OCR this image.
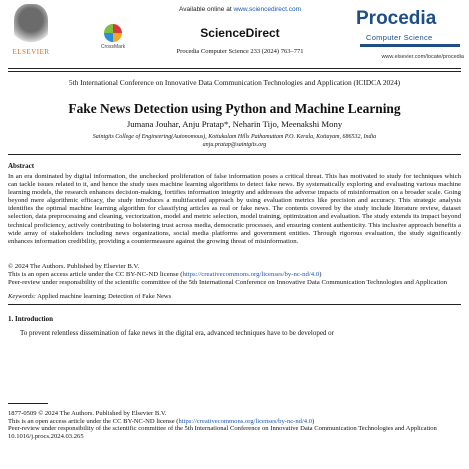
ELSEVIER
CrossMark
Available online at www.sciencedirect.com
ScienceDirect
Procedia Computer Science 233 (2024) 763–771
Procedia
Computer Science
www.elsevier.com/locate/procedia
5th International Conference on Innovative Data Communication Technologies and Application (ICIDCA 2024)
Fake News Detection using Python and Machine Learning
Jumana Jouhar, Anju Pratap*, Neharin Tijo, Meenakshi Mony
Saintgits College of Engineering(Autonomous), Kottukulam Hills Pathamuttam P.O. Kerala, Kottayam, 686532, India
anju.pratap@saintgits.org
Abstract
In an era dominated by digital information, the unchecked proliferation of false information poses a critical threat. This has motivated to study for techniques which can tackle issues related to it, and hence the study uses machine learning algorithms to detect fake news. By systematically exploring and evaluating various machine learning models, the research enhances decision-making, fortifies information integrity and addresses the adverse impacts of misinformation on a broader scale. Going beyond mere algorithmic efficacy, the study introduces a multifaceted approach by using evaluation metrics like precision and accuracy. This strategic analysis identifies the optimal machine learning algorithm for classifying articles as real or fake news. The contents covered by the study include literature review, dataset selection, data preprocessing and cleaning, vectorization, model and metric selection, model training, optimization and evaluation. The study extends its impact beyond technical proficiency, actively contributing to bolstering trust across media, democratic processes, and ensuring content authenticity. This inclusive approach benefits a wide array of stakeholders including news organizations, social media platforms and government entities. Through rigorous evaluation, the study significantly enhances information credibility, providing a countermeasure against the growing threat of misinformation.
© 2024 The Authors. Published by Elsevier B.V.
This is an open access article under the CC BY-NC-ND license (https://creativecommons.org/licenses/by-nc-nd/4.0)
Peer-review under responsibility of the scientific committee of the 5th International Conference on Innovative Data Communication Technologies and Application
Keywords: Applied machine learning; Detection of Fake News
1. Introduction
To prevent relentless dissemination of fake news in the digital era, advanced techniques have to be developed or
1877-0509 © 2024 The Authors. Published by Elsevier B.V.
This is an open access article under the CC BY-NC-ND license (https://creativecommons.org/licenses/by-nc-nd/4.0)
Peer-review under responsibility of the scientific committee of the 5th International Conference on Innovative Data Communication Technologies and Application
10.1016/j.procs.2024.03.265
